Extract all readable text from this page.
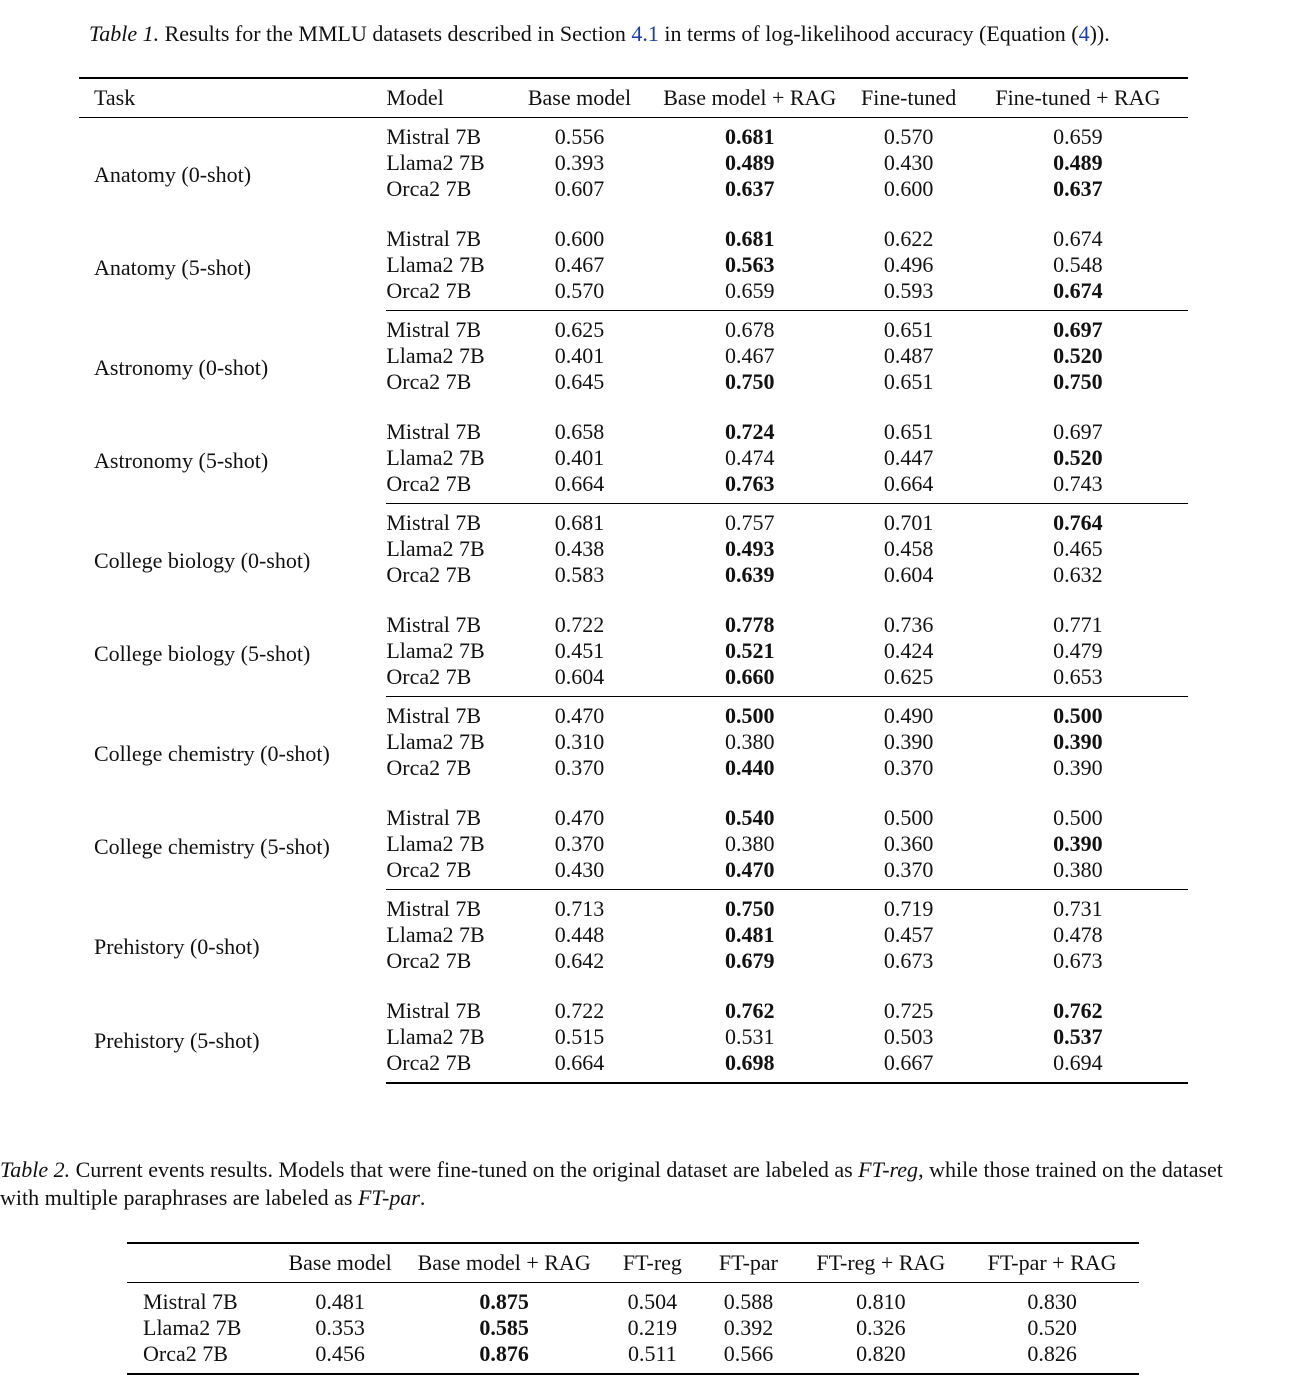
Table 1. Results for the MMLU datasets described in Section 4.1 in terms of log-likelihood accuracy (Equation (4)).
Task	Model	Base model	Base model + RAG	Fine-tuned	Fine-tuned + RAG
Anatomy (0-shot)	Mistral 7B	0.556	0.681	0.570	0.659
	Llama2 7B	0.393	0.489	0.430	0.489
	Orca2 7B	0.607	0.637	0.600	0.637
Anatomy (5-shot)	Mistral 7B	0.600	0.681	0.622	0.674
	Llama2 7B	0.467	0.563	0.496	0.548
	Orca2 7B	0.570	0.659	0.593	0.674
Astronomy (0-shot)	Mistral 7B	0.625	0.678	0.651	0.697
	Llama2 7B	0.401	0.467	0.487	0.520
	Orca2 7B	0.645	0.750	0.651	0.750
Astronomy (5-shot)	Mistral 7B	0.658	0.724	0.651	0.697
	Llama2 7B	0.401	0.474	0.447	0.520
	Orca2 7B	0.664	0.763	0.664	0.743
College biology (0-shot)	Mistral 7B	0.681	0.757	0.701	0.764
	Llama2 7B	0.438	0.493	0.458	0.465
	Orca2 7B	0.583	0.639	0.604	0.632
College biology (5-shot)	Mistral 7B	0.722	0.778	0.736	0.771
	Llama2 7B	0.451	0.521	0.424	0.479
	Orca2 7B	0.604	0.660	0.625	0.653
College chemistry (0-shot)	Mistral 7B	0.470	0.500	0.490	0.500
	Llama2 7B	0.310	0.380	0.390	0.390
	Orca2 7B	0.370	0.440	0.370	0.390
College chemistry (5-shot)	Mistral 7B	0.470	0.540	0.500	0.500
	Llama2 7B	0.370	0.380	0.360	0.390
	Orca2 7B	0.430	0.470	0.370	0.380
Prehistory (0-shot)	Mistral 7B	0.713	0.750	0.719	0.731
	Llama2 7B	0.448	0.481	0.457	0.478
	Orca2 7B	0.642	0.679	0.673	0.673
Prehistory (5-shot)	Mistral 7B	0.722	0.762	0.725	0.762
	Llama2 7B	0.515	0.531	0.503	0.537
	Orca2 7B	0.664	0.698	0.667	0.694
Table 2. Current events results. Models that were fine-tuned on the original dataset are labeled as FT-reg, while those trained on the dataset
with multiple paraphrases are labeled as FT-par.
	Base model	Base model + RAG	FT-reg	FT-par	FT-reg + RAG	FT-par + RAG
Mistral 7B	0.481	0.875	0.504	0.588	0.810	0.830
Llama2 7B	0.353	0.585	0.219	0.392	0.326	0.520
Orca2 7B	0.456	0.876	0.511	0.566	0.820	0.826
